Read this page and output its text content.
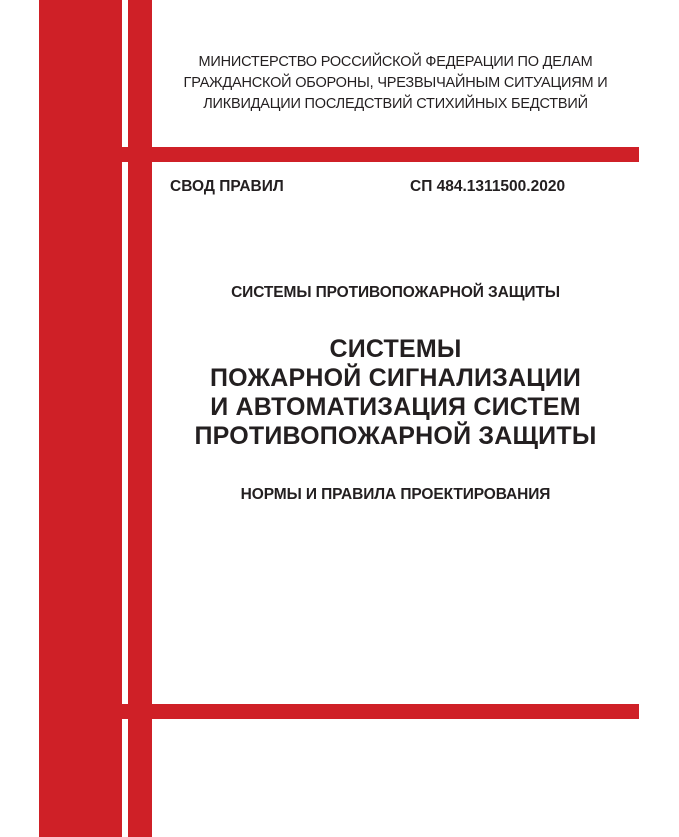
МИНИСТЕРСТВО РОССИЙСКОЙ ФЕДЕРАЦИИ ПО ДЕЛАМ
ГРАЖДАНСКОЙ ОБОРОНЫ, ЧРЕЗВЫЧАЙНЫМ СИТУАЦИЯМ И
ЛИКВИДАЦИИ ПОСЛЕДСТВИЙ СТИХИЙНЫХ БЕДСТВИЙ
СВОД ПРАВИЛ	СП 484.1311500.2020
СИСТЕМЫ ПРОТИВОПОЖАРНОЙ ЗАЩИТЫ
СИСТЕМЫ
ПОЖАРНОЙ СИГНАЛИЗАЦИИ
И АВТОМАТИЗАЦИЯ СИСТЕМ
ПРОТИВОПОЖАРНОЙ ЗАЩИТЫ
НОРМЫ И ПРАВИЛА ПРОЕКТИРОВАНИЯ
